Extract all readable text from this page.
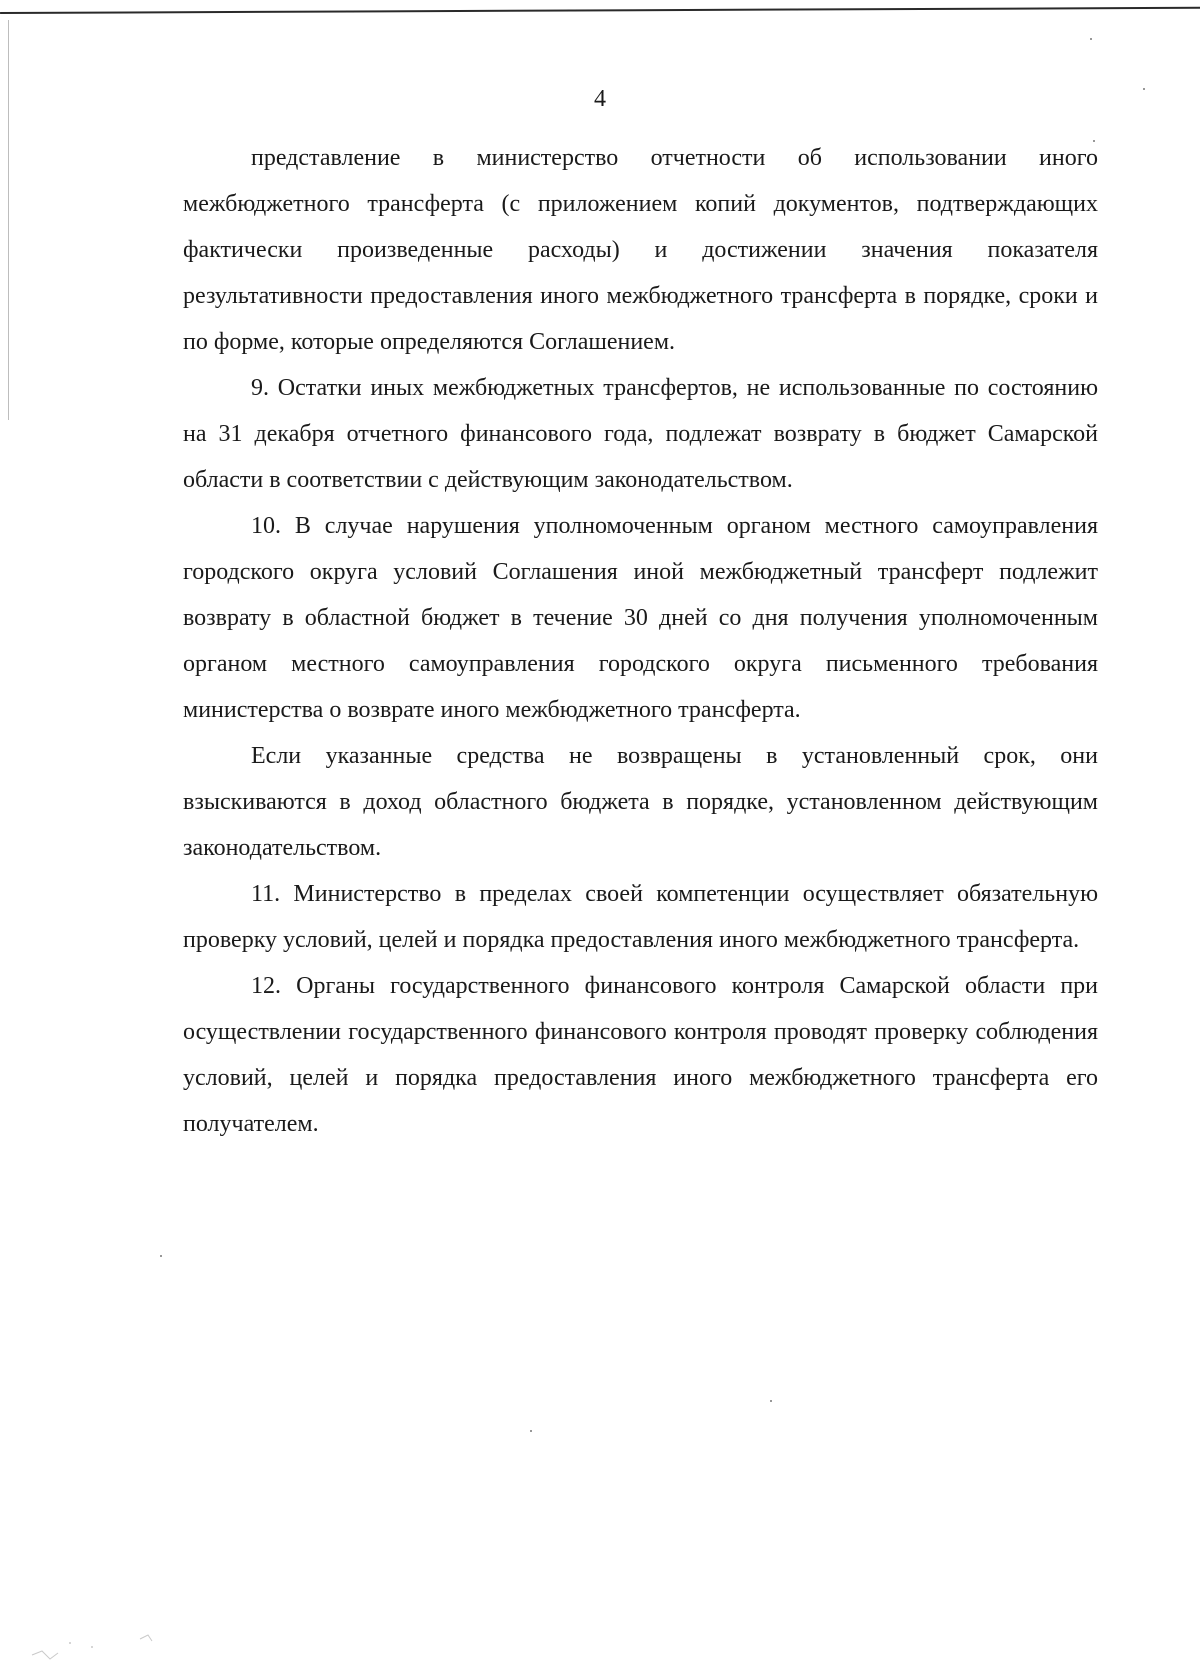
4

представление в министерство отчетности об использовании иного межбюджетного трансферта (с приложением копий документов, подтверждающих фактически произведенные расходы) и достижении значения показателя результативности предоставления иного межбюджетного трансферта в порядке, сроки и по форме, которые определяются Соглашением.

9. Остатки иных межбюджетных трансфертов, не использованные по состоянию на 31 декабря отчетного финансового года, подлежат возврату в бюджет Самарской области в соответствии с действующим законодательством.

10. В случае нарушения уполномоченным органом местного самоуправления городского округа условий Соглашения иной межбюджетный трансферт подлежит возврату в областной бюджет в течение 30 дней со дня получения уполномоченным органом местного самоуправления городского округа письменного требования министерства о возврате иного межбюджетного трансферта.

Если указанные средства не возвращены в установленный срок, они взыскиваются в доход областного бюджета в порядке, установленном действующим законодательством.

11. Министерство в пределах своей компетенции осуществляет обязательную проверку условий, целей и порядка предоставления иного межбюджетного трансферта.

12. Органы государственного финансового контроля Самарской области при осуществлении государственного финансового контроля проводят проверку соблюдения условий, целей и порядка предоставления иного межбюджетного трансферта его получателем.
